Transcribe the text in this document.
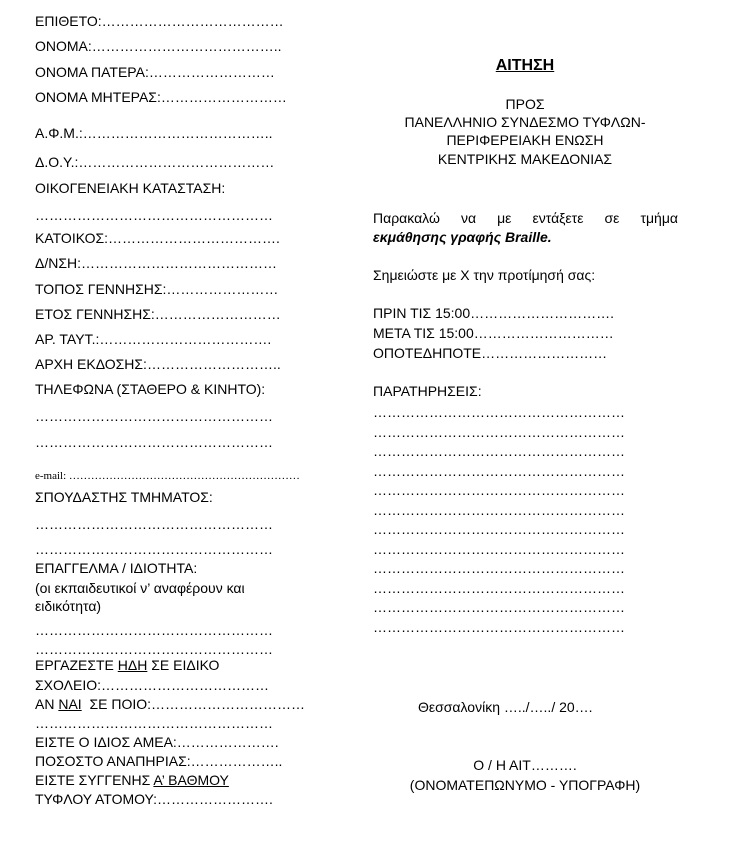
ΕΠΙΘΕΤΟ:…………………………………
ΟΝΟΜΑ:…………………………………..
ΟΝΟΜΑ ΠΑΤΕΡΑ:………………………
ΟΝΟΜΑ ΜΗΤΕΡΑΣ:………………………
Α.Φ.Μ.:…………………………………..
Δ.Ο.Υ.:……………………………………
ΟΙΚΟΓΕΝΕΙΑΚΗ ΚΑΤΑΣΤΑΣΗ:
……………………………………………
ΚΑΤΟΙΚΟΣ:……………………………….
Δ/ΝΣΗ:……………………………………
ΤΟΠΟΣ ΓΕΝΝΗΣΗΣ:……………………
ΕΤΟΣ ΓΕΝΝΗΣΗΣ:………………………
ΑΡ. ΤΑΥΤ.:……………………………….
ΑΡΧΗ ΕΚΔΟΣΗΣ:………………………..
ΤΗΛΕΦΩΝΑ (ΣΤΑΘΕΡΟ & ΚΙΝΗΤΟ):
……………………………………………
……………………………………………
e-mail: ………………………………………………………
ΣΠΟΥΔΑΣΤΗΣ ΤΜΗΜΑΤΟΣ:
……………………………………………
……………………………………………
ΕΠΑΓΓΕΛΜΑ / ΙΔΙΟΤΗΤΑ:
(οι εκπαιδευτικοί ν’ αναφέρουν και
ειδικότητα)
……………………………………………
……………………………………………
ΕΡΓΑΖΕΣΤΕ ΗΔΗ ΣΕ ΕΙΔΙΚΟ
ΣΧΟΛΕΙΟ:………………………………
ΑΝ ΝΑΙ  ΣΕ ΠΟΙΟ:……………………………
……………………………………………
ΕΙΣΤΕ Ο ΙΔΙΟΣ ΑΜΕΑ:………………….
ΠΟΣΟΣΤΟ ΑΝΑΠΗΡΙΑΣ:………………..
ΕΙΣΤΕ ΣΥΓΓΕΝΗΣ Α’ ΒΑΘΜΟΥ
ΤΥΦΛΟΥ ΑΤΟΜΟΥ:…………………….
ΑΙΤΗΣΗ
ΠΡΟΣ
ΠΑΝΕΛΛΗΝΙΟ ΣΥΝΔΕΣΜΟ ΤΥΦΛΩΝ-
ΠΕΡΙΦΕΡΕΙΑΚΗ ΕΝΩΣΗ
ΚΕΝΤΡΙΚΗΣ ΜΑΚΕΔΟΝΙΑΣ
Παρακαλώ να με εντάξετε σε τμήμα
εκμάθησης γραφής Braille.
Σημειώστε με Χ την προτίμησή σας:
ΠΡΙΝ ΤΙΣ 15:00………………………….
ΜΕΤΑ ΤΙΣ 15:00…………………………
ΟΠΟΤΕΔΗΠΟΤΕ………………………
ΠΑΡΑΤΗΡΗΣΕΙΣ:
………………………………………………
………………………………………………
………………………………………………
………………………………………………
………………………………………………
………………………………………………
………………………………………………
………………………………………………
………………………………………………
………………………………………………
………………………………………………
………………………………………………
Θεσσαλονίκη …../…../ 20….
Ο / Η ΑΙΤ……….
(ΟΝΟΜΑΤΕΠΩΝΥΜΟ - ΥΠΟΓΡΑΦΗ)
